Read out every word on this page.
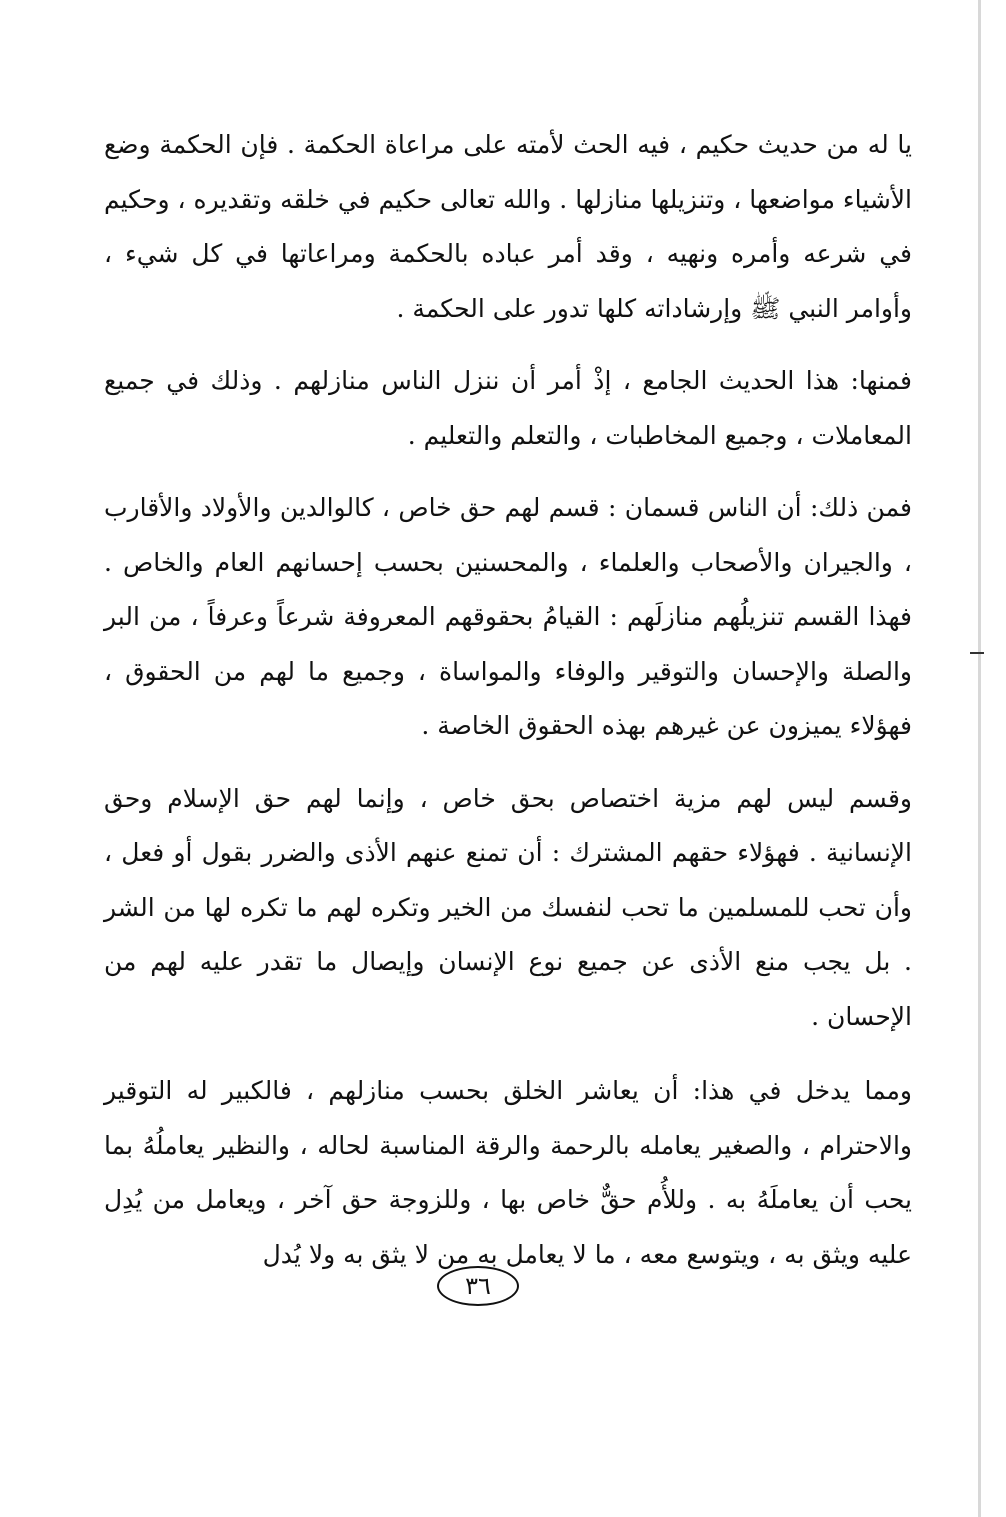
يا له من حديث حكيم ، فيه الحث لأمته على مراعاة الحكمة . فإن الحكمة وضع الأشياء مواضعها ، وتنزيلها منازلها . والله تعالى حكيم في خلقه وتقديره ، وحكيم في شرعه وأمره ونهيه ، وقد أمر عباده بالحكمة ومراعاتها في كل شيء ، وأوامر النبي ﷺ وإرشاداته كلها تدور على الحكمة .

فمنها: هذا الحديث الجامع ، إذْ أمر أن ننزل الناس منازلهم . وذلك في جميع المعاملات ، وجميع المخاطبات ، والتعلم والتعليم .

فمن ذلك: أن الناس قسمان : قسم لهم حق خاص ، كالوالدين والأولاد والأقارب ، والجيران والأصحاب والعلماء ، والمحسنين بحسب إحسانهم العام والخاص . فهذا القسم تنزيلُهم منازلَهم : القيامُ بحقوقهم المعروفة شرعاً وعرفاً ، من البر والصلة والإحسان والتوقير والوفاء والمواساة ، وجميع ما لهم من الحقوق ، فهؤلاء يميزون عن غيرهم بهذه الحقوق الخاصة .

وقسم ليس لهم مزية اختصاص بحق خاص ، وإنما لهم حق الإسلام وحق الإنسانية . فهؤلاء حقهم المشترك : أن تمنع عنهم الأذى والضرر بقول أو فعل ، وأن تحب للمسلمين ما تحب لنفسك من الخير وتكره لهم ما تكره لها من الشر . بل يجب منع الأذى عن جميع نوع الإنسان وإيصال ما تقدر عليه لهم من الإحسان .

ومما يدخل في هذا: أن يعاشر الخلق بحسب منازلهم ، فالكبير له التوقير والاحترام ، والصغير يعامله بالرحمة والرقة المناسبة لحاله ، والنظير يعاملُهُ بما يحب أن يعاملَهُ به . وللأُم حقٌّ خاص بها ، وللزوجة حق آخر ، ويعامل من يُدِل عليه ويثق به ، ويتوسع معه ، ما لا يعامل به من لا يثق به ولا يُدل

٣٦
